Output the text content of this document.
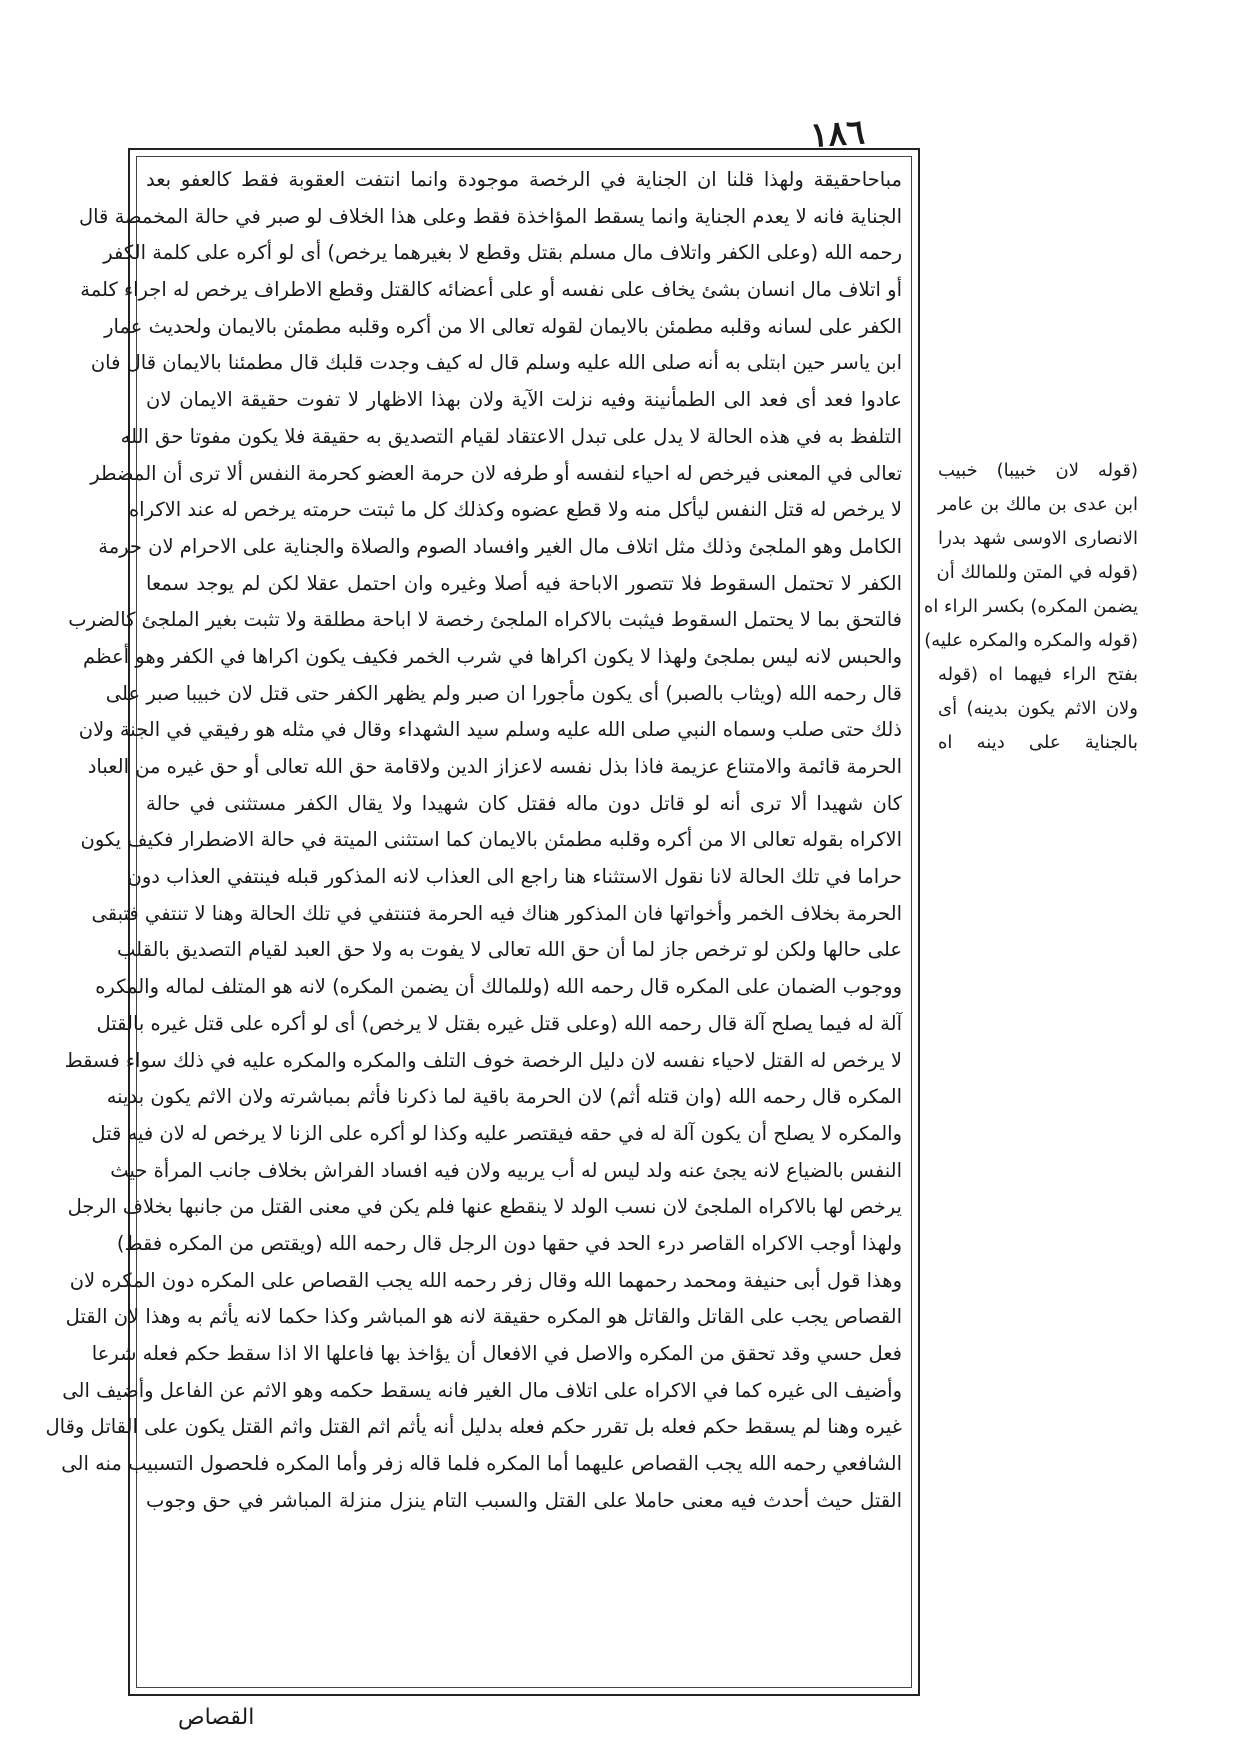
١٨٦
مباحاحقيقة ولهذا قلنا ان الجناية في الرخصة موجودة وانما انتفت العقوبة فقط كالعفو بعد
الجناية فانه لا يعدم الجناية وانما يسقط المؤاخذة فقط وعلى هذا الخلاف لو صبر في حالة المخمصة قال
رحمه الله (وعلى الكفر واتلاف مال مسلم بقتل وقطع لا بغيرهما يرخص) أى لو أكره على كلمة الكفر
أو اتلاف مال انسان بشئ يخاف على نفسه أو على أعضائه كالقتل وقطع الاطراف يرخص له اجراء كلمة
الكفر على لسانه وقلبه مطمئن بالايمان لقوله تعالى الا من أكره وقلبه مطمئن بالايمان ولحديث عمار
ابن ياسر حين ابتلى به أنه صلى الله عليه وسلم قال له كيف وجدت قلبك قال مطمئنا بالايمان قال فان
عادوا فعد أى فعد الى الطمأنينة وفيه نزلت الآية ولان بهذا الاظهار لا تفوت حقيقة الايمان لان
التلفظ به في هذه الحالة لا يدل على تبدل الاعتقاد لقيام التصديق به حقيقة فلا يكون مفوتا حق الله
تعالى في المعنى فيرخص له احياء لنفسه أو طرفه لان حرمة العضو كحرمة النفس ألا ترى أن المضطر
لا يرخص له قتل النفس ليأكل منه ولا قطع عضوه وكذلك كل ما ثبتت حرمته يرخص له عند الاكراه
الكامل وهو الملجئ وذلك مثل اتلاف مال الغير وافساد الصوم والصلاة والجناية على الاحرام لان حرمة
الكفر لا تحتمل السقوط فلا تتصور الاباحة فيه أصلا وغيره وان احتمل عقلا لكن لم يوجد سمعا
فالتحق بما لا يحتمل السقوط فيثبت بالاكراه الملجئ رخصة لا اباحة مطلقة ولا تثبت بغير الملجئ كالضرب
والحبس لانه ليس بملجئ ولهذا لا يكون اكراها في شرب الخمر فكيف يكون اكراها في الكفر وهو أعظم
قال رحمه الله (ويثاب بالصبر) أى يكون مأجورا ان صبر ولم يظهر الكفر حتى قتل لان خبيبا صبر على
ذلك حتى صلب وسماه النبي صلى الله عليه وسلم سيد الشهداء وقال في مثله هو رفيقي في الجنة ولان
الحرمة قائمة والامتناع عزيمة فاذا بذل نفسه لاعزاز الدين ولاقامة حق الله تعالى أو حق غيره من العباد
كان شهيدا ألا ترى أنه لو قاتل دون ماله فقتل كان شهيدا ولا يقال الكفر مستثنى في حالة
الاكراه بقوله تعالى الا من أكره وقلبه مطمئن بالايمان كما استثنى الميتة في حالة الاضطرار فكيف يكون
حراما في تلك الحالة لانا نقول الاستثناء هنا راجع الى العذاب لانه المذكور قبله فينتفي العذاب دون
الحرمة بخلاف الخمر وأخواتها فان المذكور هناك فيه الحرمة فتنتفي في تلك الحالة وهنا لا تنتفي فتبقى
على حالها ولكن لو ترخص جاز لما أن حق الله تعالى لا يفوت به ولا حق العبد لقيام التصديق بالقلب
ووجوب الضمان على المكره قال رحمه الله (وللمالك أن يضمن المكره) لانه هو المتلف لماله والمكره
آلة له فيما يصلح آلة قال رحمه الله (وعلى قتل غيره بقتل لا يرخص) أى لو أكره على قتل غيره بالقتل
لا يرخص له القتل لاحياء نفسه لان دليل الرخصة خوف التلف والمكره والمكره عليه في ذلك سواء فسقط
المكره قال رحمه الله (وان قتله أثم) لان الحرمة باقية لما ذكرنا فأثم بمباشرته ولان الاثم يكون بدينه
والمكره لا يصلح أن يكون آلة له في حقه فيقتصر عليه وكذا لو أكره على الزنا لا يرخص له لان فيه قتل
النفس بالضياع لانه يجئ عنه ولد ليس له أب يربيه ولان فيه افساد الفراش بخلاف جانب المرأة حيث
يرخص لها بالاكراه الملجئ لان نسب الولد لا ينقطع عنها فلم يكن في معنى القتل من جانبها بخلاف الرجل
ولهذا أوجب الاكراه القاصر درء الحد في حقها دون الرجل قال رحمه الله (ويقتص من المكره فقط)
وهذا قول أبى حنيفة ومحمد رحمهما الله وقال زفر رحمه الله يجب القصاص على المكره دون المكره لان
القصاص يجب على القاتل والقاتل هو المكره حقيقة لانه هو المباشر وكذا حكما لانه يأثم به وهذا لان القتل
فعل حسي وقد تحقق من المكره والاصل في الافعال أن يؤاخذ بها فاعلها الا اذا سقط حكم فعله شرعا
وأضيف الى غيره كما في الاكراه على اتلاف مال الغير فانه يسقط حكمه وهو الاثم عن الفاعل وأضيف الى
غيره وهنا لم يسقط حكم فعله بل تقرر حكم فعله بدليل أنه يأثم اثم القتل واثم القتل يكون على القاتل وقال
الشافعي رحمه الله يجب القصاص عليهما أما المكره فلما قاله زفر وأما المكره فلحصول التسبيب منه الى
القتل حيث أحدث فيه معنى حاملا على القتل والسبب التام ينزل منزلة المباشر في حق وجوب
(قوله لان خبيبا) خبيب
ابن عدى بن مالك بن عامر
الانصارى الاوسى شهد بدرا
(قوله في المتن وللمالك أن
يضمن المكره) بكسر الراء اه
(قوله والمكره والمكره عليه)
بفتح الراء فيهما اه (قوله
ولان الاثم يكون بدينه) أى
بالجناية على دينه اه
القصاص
